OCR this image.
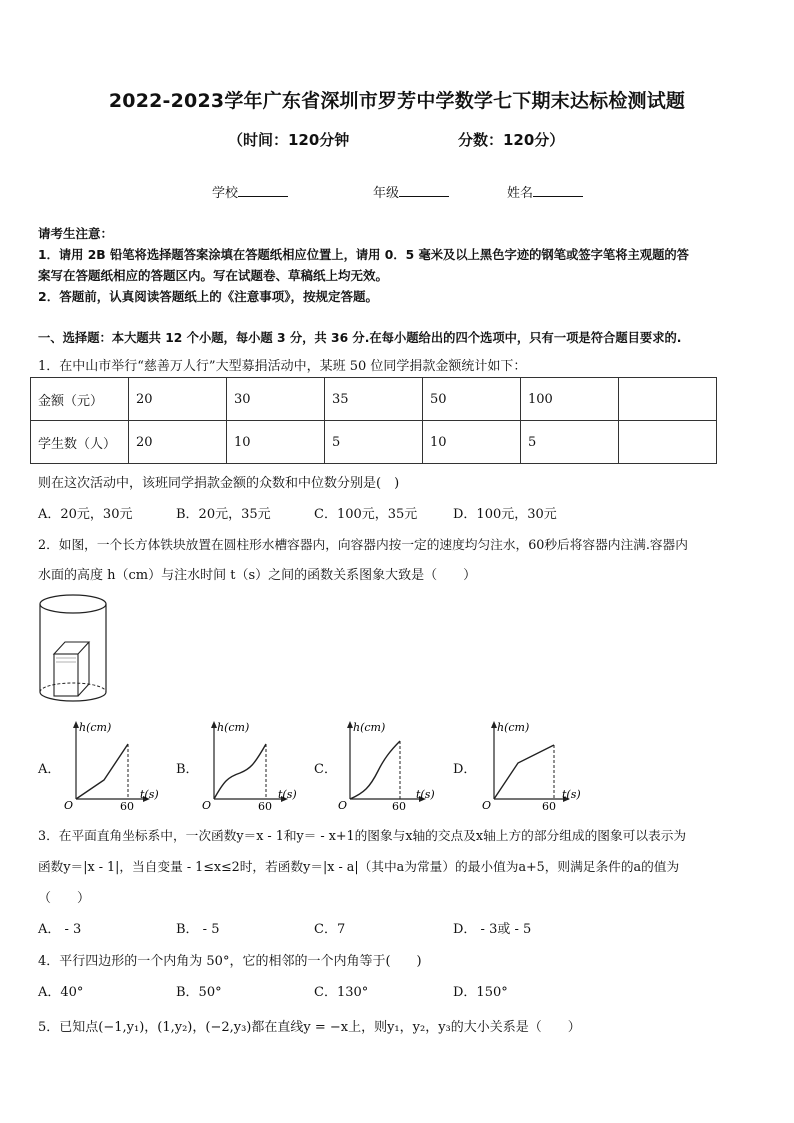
2022-2023学年广东省深圳市罗芳中学数学七下期末达标检测试题
（时间：120分钟	分数：120分）
学校	年级	姓名
请考生注意：
1．请用 2B 铅笔将选择题答案涂填在答题纸相应位置上，请用 0．5 毫米及以上黑色字迹的钢笔或签字笔将主观题的答
案写在答题纸相应的答题区内。写在试题卷、草稿纸上均无效。
2．答题前，认真阅读答题纸上的《注意事项》，按规定答题。
一、选择题：本大题共 12 个小题，每小题 3 分，共 36 分.在每小题给出的四个选项中，只有一项是符合题目要求的.
1．在中山市举行“慈善万人行”大型募捐活动中，某班 50 位同学捐款金额统计如下：
金额（元）	20	30	35	50	100	
学生数（人）	20	10	5	10	5	
则在这次活动中，该班同学捐款金额的众数和中位数分别是(　)
A．20元，30元	B．20元，35元	C．100元，35元	D．100元，30元
2．如图，一个长方体铁块放置在圆柱形水槽容器内，向容器内按一定的速度均匀注水，60秒后将容器内注满.容器内
水面的高度 h（cm）与注水时间 t（s）之间的函数关系图象大致是（　　）
A．
h(cm)
t(s)
O	60
B．
h(cm)
t(s)
O	60
C．
h(cm)
t(s)
O	60
D．
h(cm)
t(s)
O	60
3．在平面直角坐标系中，一次函数y＝x - 1和y＝ - x+1的图象与x轴的交点及x轴上方的部分组成的图象可以表示为
函数y＝|x - 1|，当自变量 - 1≤x≤2时，若函数y＝|x - a|（其中a为常量）的最小值为a+5，则满足条件的a的值为
（　　）
A． - 3	B． - 5	C．7	D． - 3或 - 5
4．平行四边形的一个内角为 50°，它的相邻的一个内角等于(　　)
A．40°	B．50°	C．130°	D．150°
5．已知点(−1,y₁)，(1,y₂)，(−2,y₃)都在直线y = −x上，则y₁，y₂，y₃的大小关系是（　　）
